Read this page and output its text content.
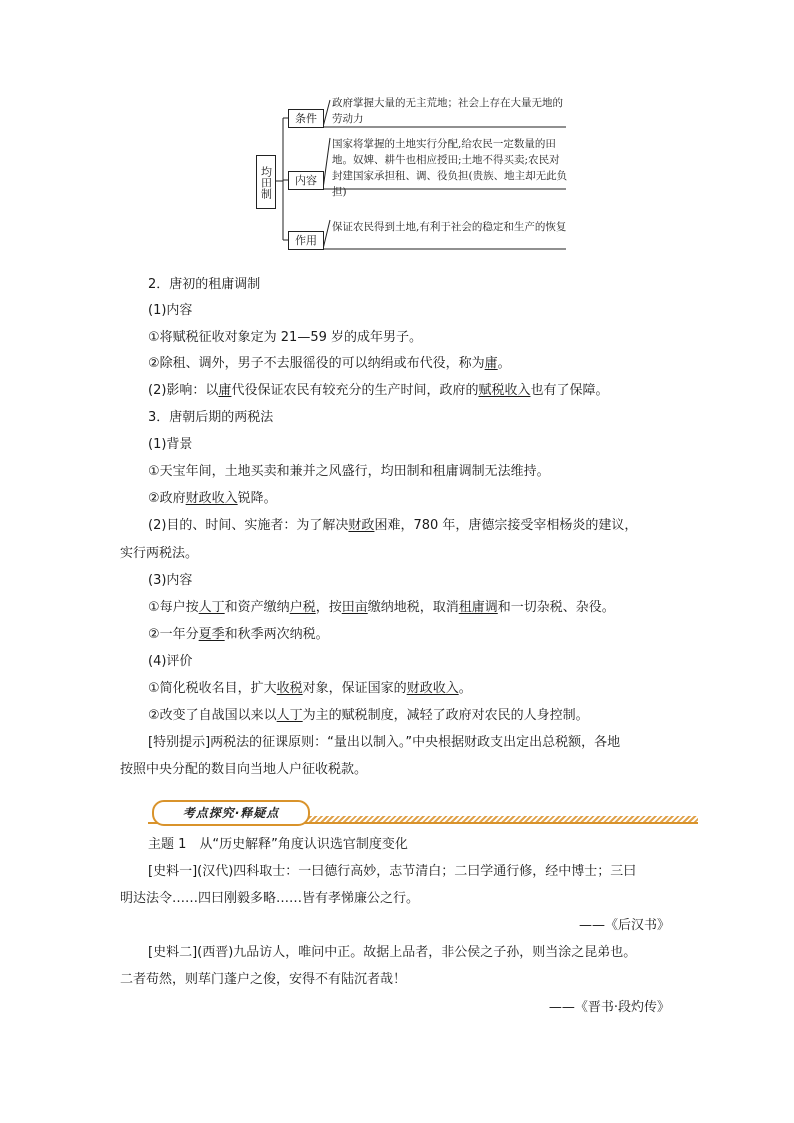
均田制
条件
政府掌握大量的无主荒地；社会上存在大量无地的劳动力
内容
国家将掌握的土地实行分配,给农民一定数量的田地。奴婢、耕牛也相应授田;土地不得买卖;农民对封建国家承担租、调、役负担(贵族、地主却无此负担)
作用
保证农民得到土地,有利于社会的稳定和生产的恢复
2．唐初的租庸调制
(1)内容
①将赋税征收对象定为 21—59 岁的成年男子。
②除租、调外，男子不去服徭役的可以纳绢或布代役，称为庸。
(2)影响：以庸代役保证农民有较充分的生产时间，政府的赋税收入也有了保障。
3．唐朝后期的两税法
(1)背景
①天宝年间，土地买卖和兼并之风盛行，均田制和租庸调制无法维持。
②政府财政收入锐降。
(2)目的、时间、实施者：为了解决财政困难，780 年，唐德宗接受宰相杨炎的建议，
实行两税法。
(3)内容
①每户按人丁和资产缴纳户税，按田亩缴纳地税，取消租庸调和一切杂税、杂役。
②一年分夏季和秋季两次纳税。
(4)评价
①简化税收名目，扩大收税对象，保证国家的财政收入。
②改变了自战国以来以人丁为主的赋税制度，减轻了政府对农民的人身控制。
[特别提示]两税法的征课原则：“量出以制入。”中央根据财政支出定出总税额，各地
按照中央分配的数目向当地人户征收税款。
考点探究·释疑点
主题 1　从“历史解释”角度认识选官制度变化
[史料一](汉代)四科取士：一曰德行高妙，志节清白；二曰学通行修，经中博士；三曰
明达法令……四曰刚毅多略……皆有孝悌廉公之行。
——《后汉书》
[史料二](西晋)九品访人，唯问中正。故据上品者，非公侯之子孙，则当涂之昆弟也。
二者苟然，则荜门蓬户之俊，安得不有陆沉者哉！
——《晋书·段灼传》
